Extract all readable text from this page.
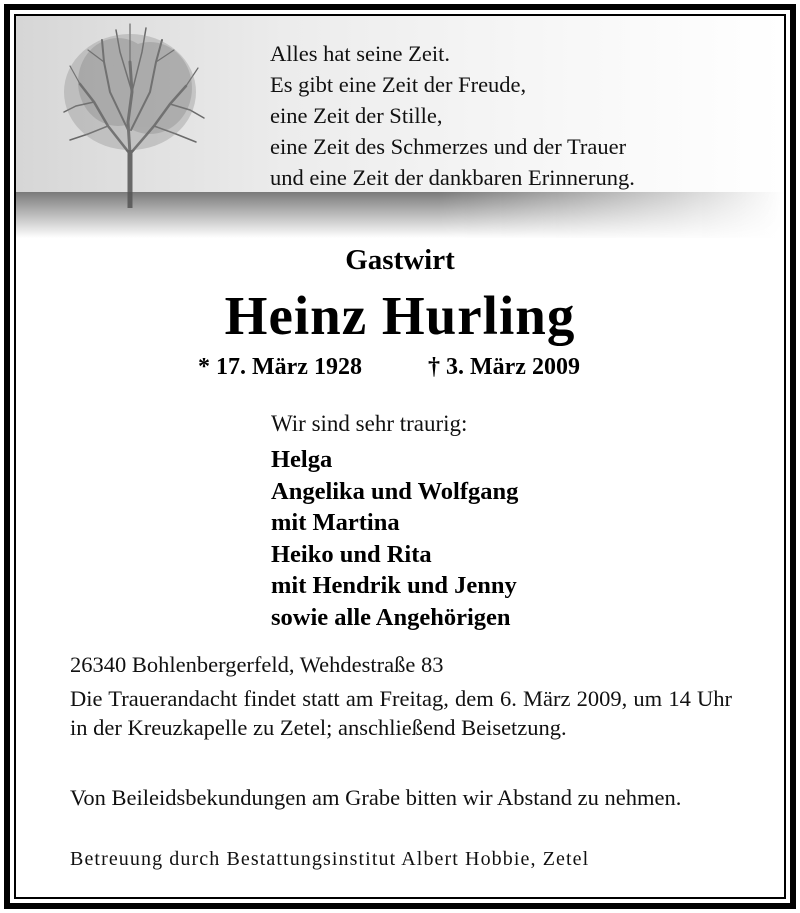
Alles hat seine Zeit.
Es gibt eine Zeit der Freude,
eine Zeit der Stille,
eine Zeit des Schmerzes und der Trauer
und eine Zeit der dankbaren Erinnerung.
Gastwirt
Heinz Hurling
* 17. März 1928	† 3. März 2009
Wir sind sehr traurig:
Helga
Angelika und Wolfgang
mit Martina
Heiko und Rita
mit Hendrik und Jenny
sowie alle Angehörigen
26340 Bohlenbergerfeld, Wehdestraße 83
Die Trauerandacht findet statt am Freitag, dem 6. März 2009, um 14 Uhr in der Kreuzkapelle zu Zetel; anschließend Beisetzung.
Von Beileidsbekundungen am Grabe bitten wir Abstand zu nehmen.
Betreuung durch Bestattungsinstitut Albert Hobbie, Zetel
